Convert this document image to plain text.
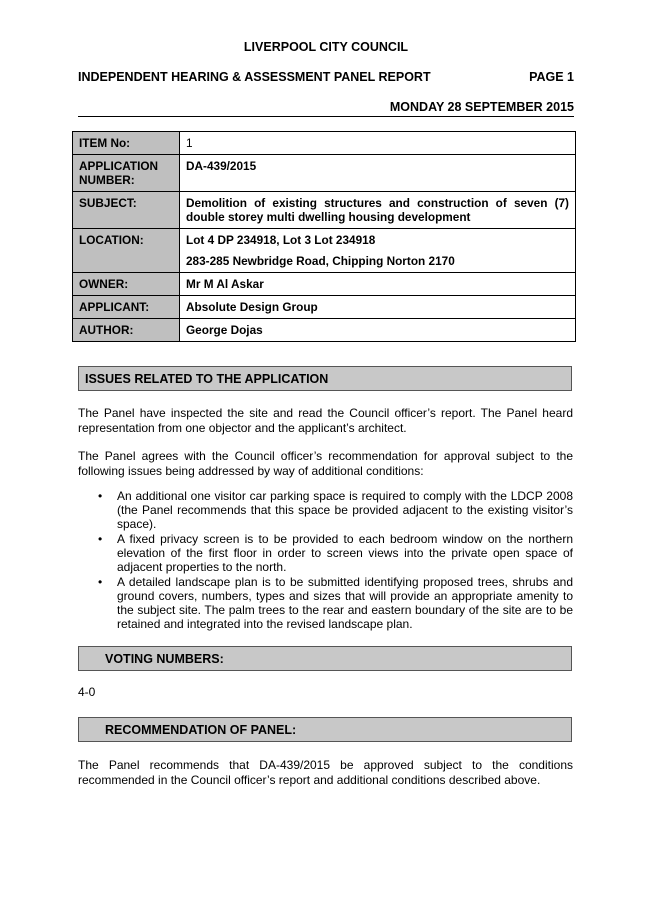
LIVERPOOL CITY COUNCIL
INDEPENDENT HEARING & ASSESSMENT PANEL REPORT	PAGE 1
MONDAY 28 SEPTEMBER 2015
ITEM No:	1

APPLICATION
NUMBER:	DA-439/2015
SUBJECT:	Demolition of existing structures and construction of seven (7) double storey multi dwelling housing development
LOCATION:	Lot 4 DP 234918, Lot 3 Lot 234918
283-285 Newbridge Road, Chipping Norton 2170

OWNER:	Mr M Al Askar
APPLICANT:	Absolute Design Group
AUTHOR:	George Dojas
ISSUES RELATED TO THE APPLICATION
The Panel have inspected the site and read the Council officer’s report. The Panel heard representation from one objector and the applicant’s architect.
The Panel agrees with the Council officer’s recommendation for approval subject to the following issues being addressed by way of additional conditions:
• An additional one visitor car parking space is required to comply with the LDCP 2008 (the Panel recommends that this space be provided adjacent to the existing visitor’s space).
• A fixed privacy screen is to be provided to each bedroom window on the northern elevation of the first floor in order to screen views into the private open space of adjacent properties to the north.
• A detailed landscape plan is to be submitted identifying proposed trees, shrubs and ground covers, numbers, types and sizes that will provide an appropriate amenity to the subject site. The palm trees to the rear and eastern boundary of the site are to be retained and integrated into the revised landscape plan.
VOTING NUMBERS:
4-0
RECOMMENDATION OF PANEL:
The Panel recommends that DA-439/2015 be approved subject to the conditions recommended in the Council officer’s report and additional conditions described above.
